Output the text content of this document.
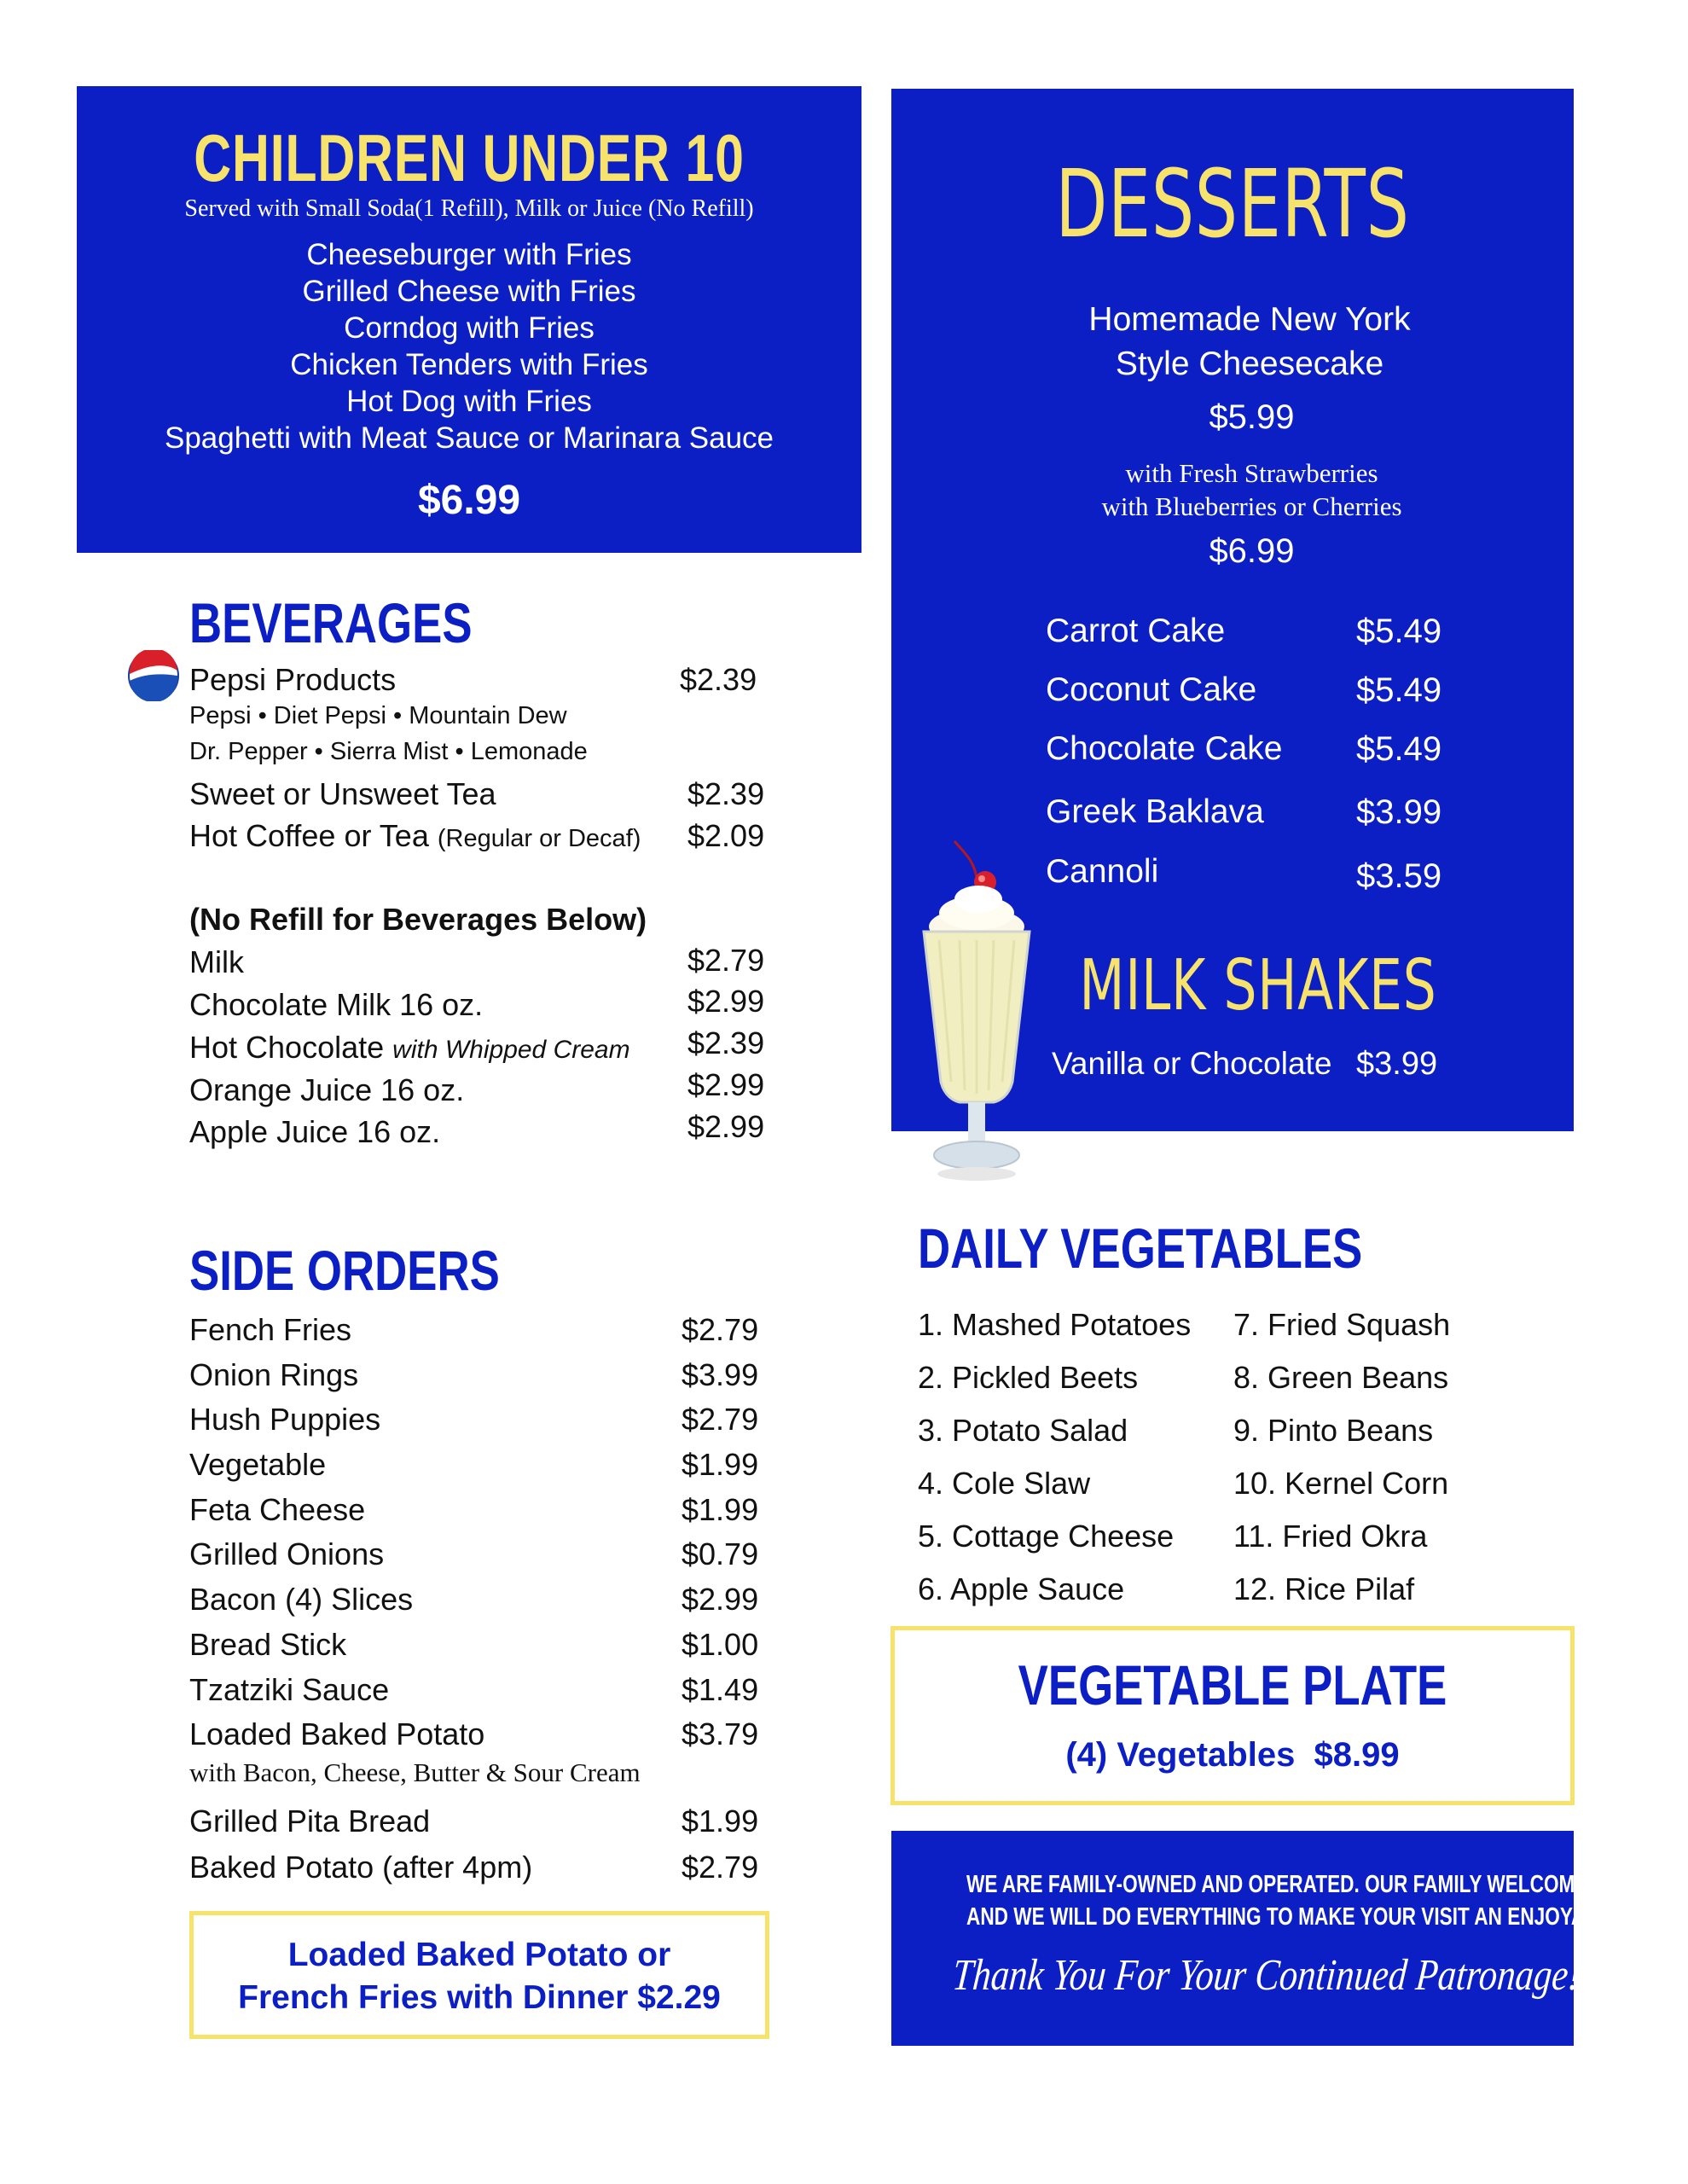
CHILDREN UNDER 10
Served with Small Soda(1 Refill), Milk or Juice (No Refill)
Cheeseburger with Fries
Grilled Cheese with Fries
Corndog with Fries
Chicken Tenders with Fries
Hot Dog with Fries
Spaghetti with Meat Sauce or Marinara Sauce
$6.99
BEVERAGES
Pepsi Products	$2.39
Pepsi • Diet Pepsi • Mountain Dew
Dr. Pepper • Sierra Mist • Lemonade
Sweet or Unsweet Tea	$2.39
Hot Coffee or Tea (Regular or Decaf) $2.09
(No Refill for Beverages Below)
Milk	$2.79
Chocolate Milk 16 oz.	$2.99
Hot Chocolate with Whipped Cream $2.39
Orange Juice 16 oz.	$2.99
Apple Juice 16 oz.	$2.99
SIDE ORDERS
Fench Fries	$2.79
Onion Rings	$3.99
Hush Puppies	$2.79
Vegetable	$1.99
Feta Cheese	$1.99
Grilled Onions	$0.79
Bacon (4) Slices	$2.99
Bread Stick	$1.00
Tzatziki Sauce	$1.49
Loaded Baked Potato	$3.79
with Bacon, Cheese, Butter & Sour Cream
Grilled Pita Bread	$1.99
Baked Potato (after 4pm)	$2.79
Loaded Baked Potato or
French Fries with Dinner $2.29
DESSERTS
Homemade New York
Style Cheesecake
$5.99
with Fresh Strawberries
with Blueberries or Cherries
$6.99
Carrot Cake	$5.49
Coconut Cake	$5.49
Chocolate Cake $5.49
Greek Baklava	$3.99
Cannoli	$3.59
MILK SHAKES
Vanilla or Chocolate $3.99
DAILY VEGETABLES
1. Mashed Potatoes
2. Pickled Beets
3. Potato Salad
4. Cole Slaw
5. Cottage Cheese
6. Apple Sauce
7. Fried Squash
8. Green Beans
9. Pinto Beans
10. Kernel Corn
11. Fried Okra
12. Rice Pilaf
VEGETABLE PLATE
(4) Vegetables  $8.99
WE ARE FAMILY-OWNED AND OPERATED. OUR FAMILY WELCOMES YOURS
AND WE WILL DO EVERYTHING TO MAKE YOUR VISIT AN ENJOYABLE ONE.
Thank You For Your Continued Patronage!
